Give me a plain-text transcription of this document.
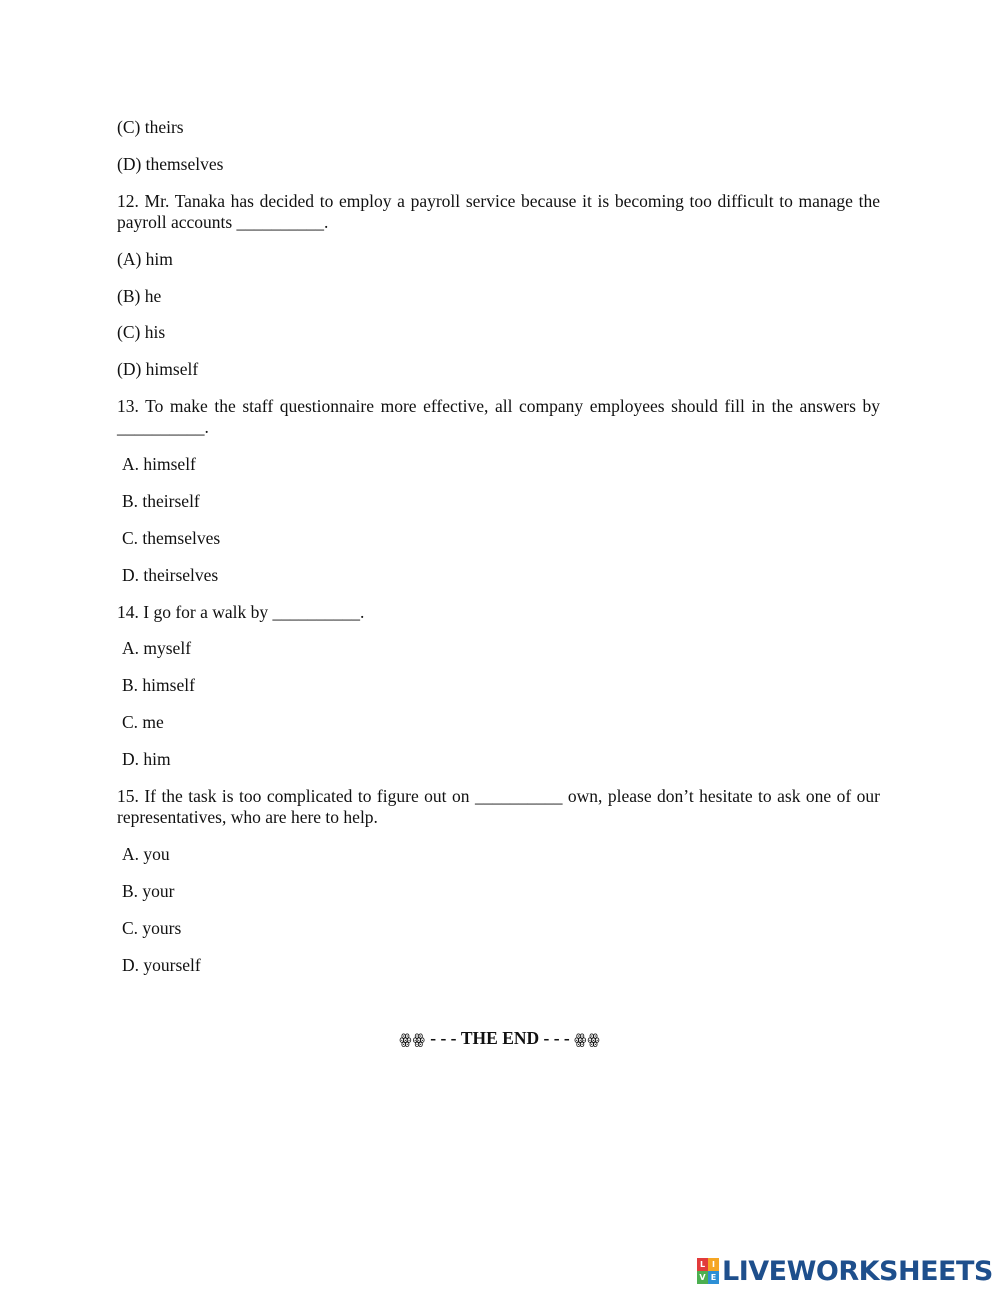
(C) theirs
(D) themselves
12. Mr. Tanaka has decided to employ a payroll service because it is becoming too difficult to manage the payroll accounts __________.
(A) him
(B) he
(C) his
(D) himself
13. To make the staff questionnaire more effective, all company employees should fill in the answers by __________.
A. himself
B. theirself
C. themselves
D. theirselves
14. I go for a walk by __________.
A. myself
B. himself
C. me
D. him
15. If the task is too complicated to figure out on __________ own, please don’t hesitate to ask one of our representatives, who are here to help.
A. you
B. your
C. yours
D. yourself
ꙮꙮ - - - THE END - - - ꙮꙮ
L I
V E LIVEWORKSHEETS
